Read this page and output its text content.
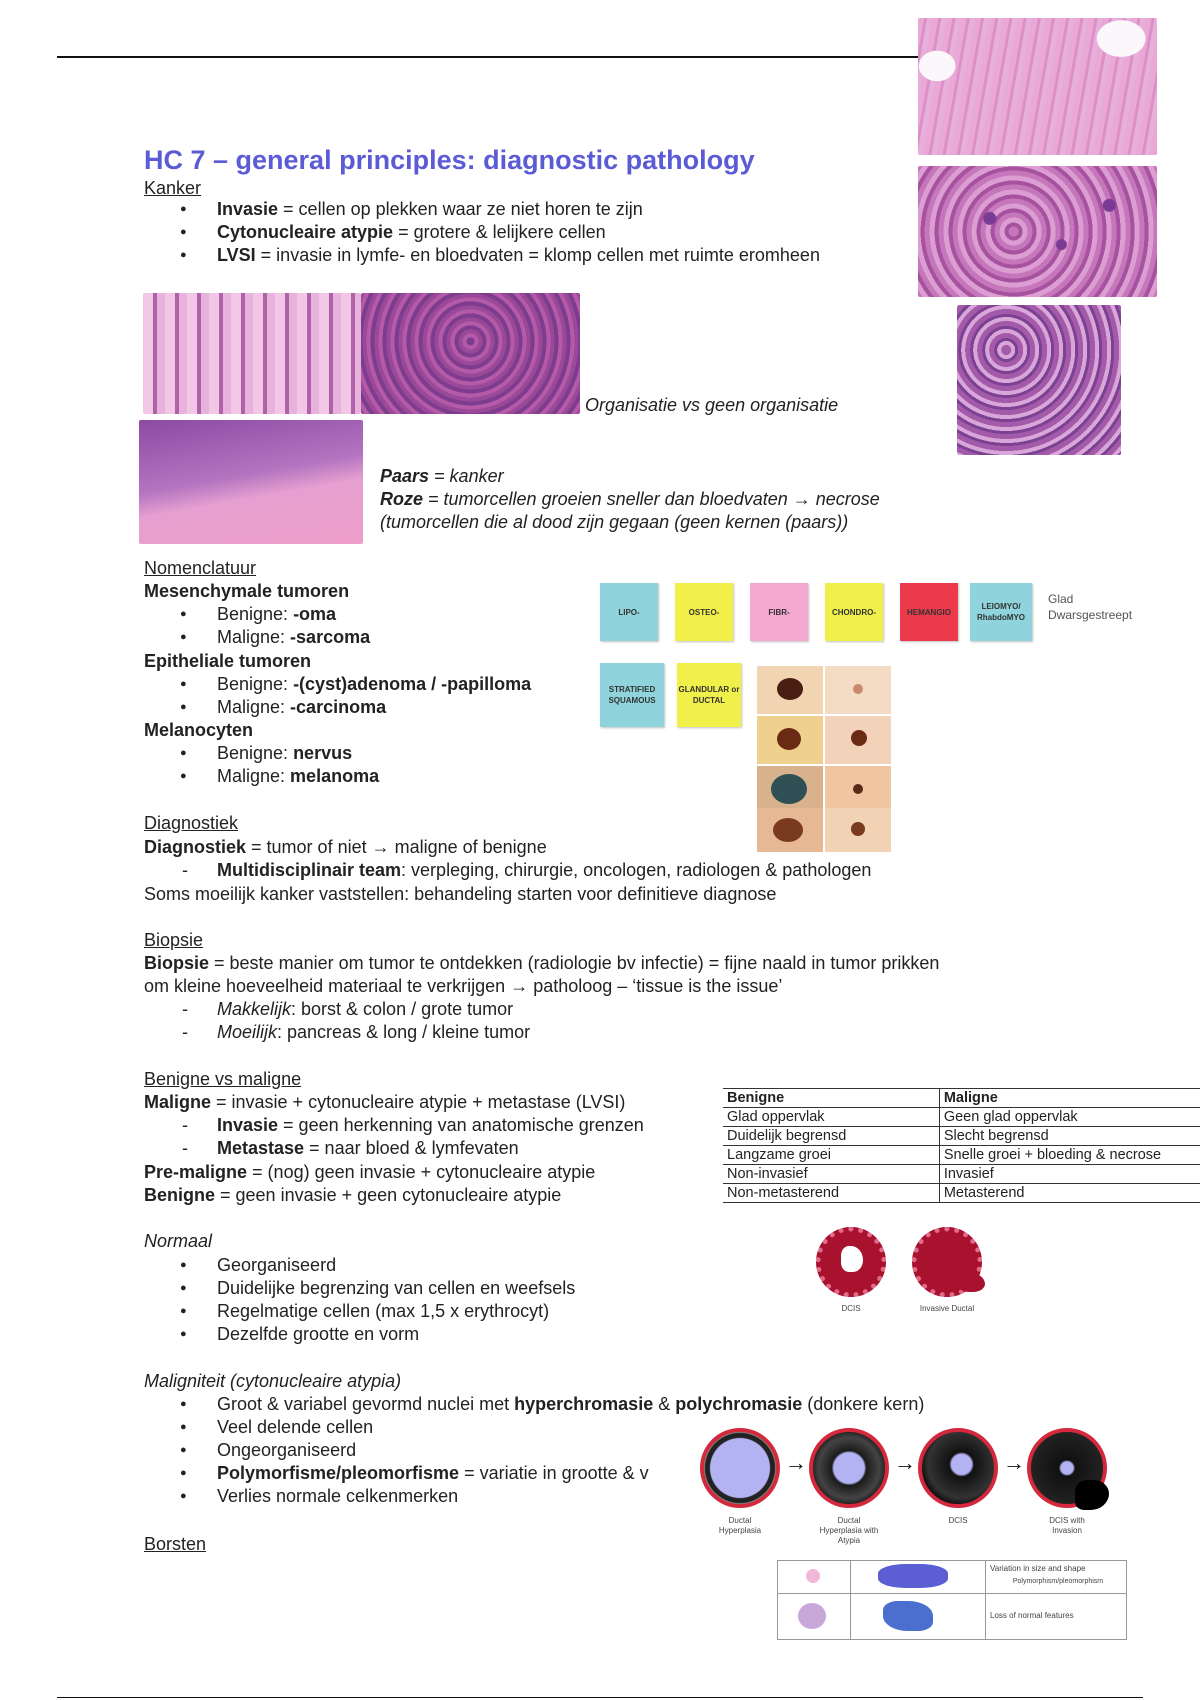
HC 7 – general principles: diagnostic pathology
Kanker
● Invasie = cellen op plekken waar ze niet horen te zijn
● Cytonucleaire atypie = grotere & lelijkere cellen
● LVSI = invasie in lymfe- en bloedvaten = klomp cellen met ruimte eromheen
Organisatie vs geen organisatie
Paars = kanker
Roze = tumorcellen groeien sneller dan bloedvaten → necrose
(tumorcellen die al dood zijn gegaan (geen kernen (paars))
Nomenclatuur
Mesenchymale tumoren
● Benigne: -oma
● Maligne: -sarcoma
Epitheliale tumoren
● Benigne: -(cyst)adenoma / -papilloma
● Maligne: -carcinoma
Melanocyten
● Benigne: nervus
● Maligne: melanoma
LIPO-	OSTEO-	FIBR-	CHONDRO-	HEMANGIO
LEIOMYO/ RhabdoMYO
Glad
Dwarsgestreept
STRATIFIED SQUAMOUS
GLANDULAR or DUCTAL
Diagnostiek
Diagnostiek = tumor of niet → maligne of benigne
- Multidisciplinair team: verpleging, chirurgie, oncologen, radiologen & pathologen
Soms moeilijk kanker vaststellen: behandeling starten voor definitieve diagnose
Biopsie
Biopsie = beste manier om tumor te ontdekken (radiologie bv infectie) = fijne naald in tumor prikken
om kleine hoeveelheid materiaal te verkrijgen → patholoog – ‘tissue is the issue’
- Makkelijk: borst & colon / grote tumor
- Moeilijk: pancreas & long / kleine tumor
Benigne vs maligne
Maligne = invasie + cytonucleaire atypie + metastase (LVSI)
- Invasie = geen herkenning van anatomische grenzen
- Metastase = naar bloed & lymfevaten
Pre-maligne = (nog) geen invasie + cytonucleaire atypie
Benigne = geen invasie + geen cytonucleaire atypie
Benigne	Maligne
Glad oppervlak	Geen glad oppervlak
Duidelijk begrensd	Slecht begrensd
Langzame groei	Snelle groei + bloeding & necrose
Non-invasief	Invasief
Non-metasterend	Metasterend
Normaal
● Georganiseerd
● Duidelijke begrenzing van cellen en weefsels
● Regelmatige cellen (max 1,5 x erythrocyt)
● Dezelfde grootte en vorm
DCIS	Invasive Ductal
Maligniteit (cytonucleaire atypia)
● Groot & variabel gevormd nuclei met hyperchromasie & polychromasie (donkere kern)
● Veel delende cellen
● Ongeorganiseerd
● Polymorfisme/pleomorfisme = variatie in grootte & v
● Verlies normale celkenmerken
→	→	→
Ductal Hyperplasia
Ductal Hyperplasia with Atypia
DCIS	DCIS with Invasion
Variation in size and shape
Polymorphism/pleomorphism
Loss of normal features
Borsten
